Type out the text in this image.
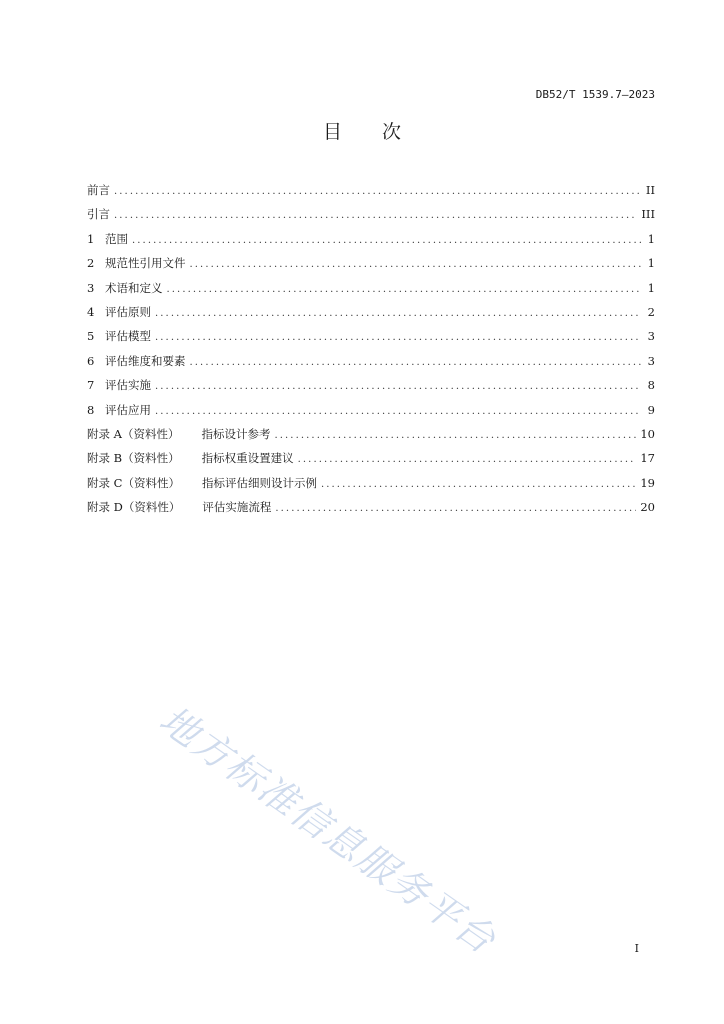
DB52/T 1539.7—2023
目 次
前言 .....	II
引言 .....	III
1 范围 .....	1
2 规范性引用文件 .....	1
3 术语和定义 .....	1
4 评估原则 .....	2
5 评估模型 .....	3
6 评估维度和要素 .....	3
7 评估实施 .....	8
8 评估应用 .....	9
附录 A（资料性） 指标设计参考 .....	10
附录 B（资料性） 指标权重设置建议 .....	17
附录 C（资料性） 指标评估细则设计示例 .....	19
附录 D（资料性） 评估实施流程 .....	20
地方标准信息服务平台	I
